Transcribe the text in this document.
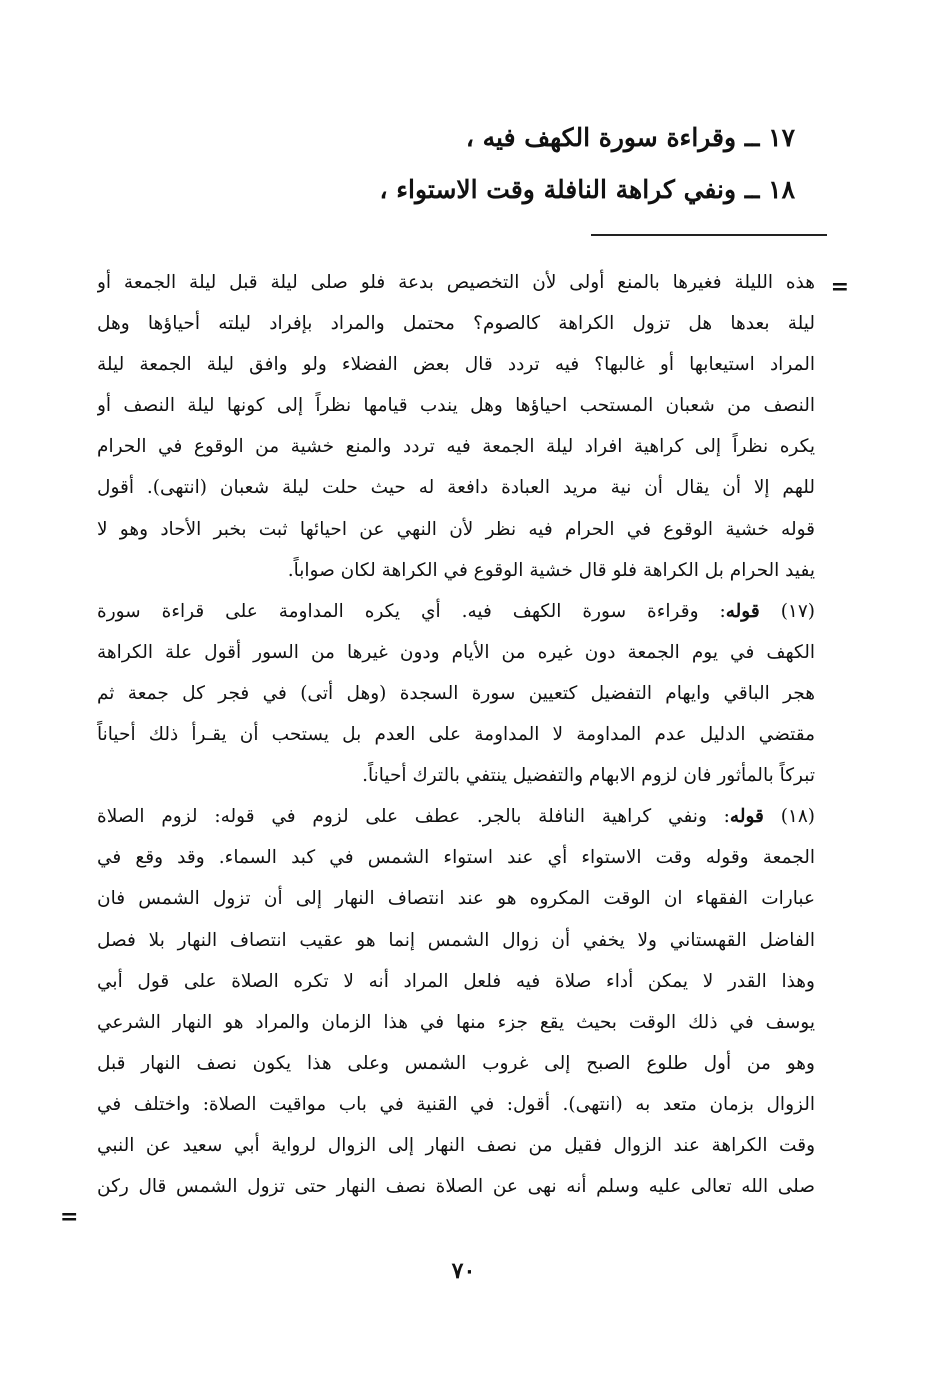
١٧ ــ وقراءة سورة الكهف فيه ،
١٨ ــ ونفي كراهة النافلة وقت الاستواء ،
=
هذه الليلة فغيرها بالمنع أولى لأن التخصيص بدعة فلو صلى ليلة قبل ليلة الجمعة أو
ليلة بعدها هل تزول الكراهة كالصوم؟ محتمل والمراد بإفراد ليلته أحياؤها وهل
المراد استيعابها أو غالبها؟ فيه تردد قال بعض الفضلاء ولو وافق ليلة الجمعة ليلة
النصف من شعبان المستحب احياؤها وهل يندب قيامها نظراً إلى كونها ليلة النصف أو
يكره نظراً إلى كراهية افراد ليلة الجمعة فيه تردد والمنع خشية من الوقوع في الحرام
للهم إلا أن يقال أن نية مريد العبادة دافعة له حيث حلت ليلة شعبان (انتهى). أقول
قوله خشية الوقوع في الحرام فيه نظر لأن النهي عن احيائها ثبت بخبر الأحاد وهو لا
يفيد الحرام بل الكراهة فلو قال خشية الوقوع في الكراهة لكان صواباً.
(١٧) قوله: وقراءة سورة الكهف فيه. أي يكره المداومة على قراءة سورة
الكهف في يوم الجمعة دون غيره من الأيام ودون غيرها من السور أقول علة الكراهة
هجر الباقي وايهام التفضيل كتعيين سورة السجدة (وهل أتى) في فجر كل جمعة ثم
مقتضي الدليل عدم المداومة لا المداومة على العدم بل يستحب أن يقـرأ ذلك أحياناً
تبركاً بالمأثور فان لزوم الابهام والتفضيل ينتفي بالترك أحياناً.
(١٨) قوله: ونفي كراهية النافلة بالجر. عطف على لزوم في قوله: لزوم الصلاة
الجمعة وقوله وقت الاستواء أي عند استواء الشمس في كبد السماء. وقد وقع في
عبارات الفقهاء ان الوقت المكروه هو عند انتصاف النهار إلى أن تزول الشمس فان
الفاضل القهستاني ولا يخفي أن زوال الشمس إنما هو عقيب انتصاف النهار بلا فصل
وهذا القدر لا يمكن أداء صلاة فيه فلعل المراد أنه لا تكره الصلاة على قول أبي
يوسف في ذلك الوقت بحيث يقع جزء منها في هذا الزمان والمراد هو النهار الشرعي
وهو من أول طلوع الصبح إلى غروب الشمس وعلى هذا يكون نصف النهار قبل
الزوال بزمان متعد به (انتهى). أقول: في القنية في باب مواقيت الصلاة: واختلف في
وقت الكراهة عند الزوال فقيل من نصف النهار إلى الزوال لرواية أبي سعيد عن النبي
صلى الله تعالى عليه وسلم أنه نهى عن الصلاة نصف النهار حتى تزول الشمس قال ركن
=
٧٠
